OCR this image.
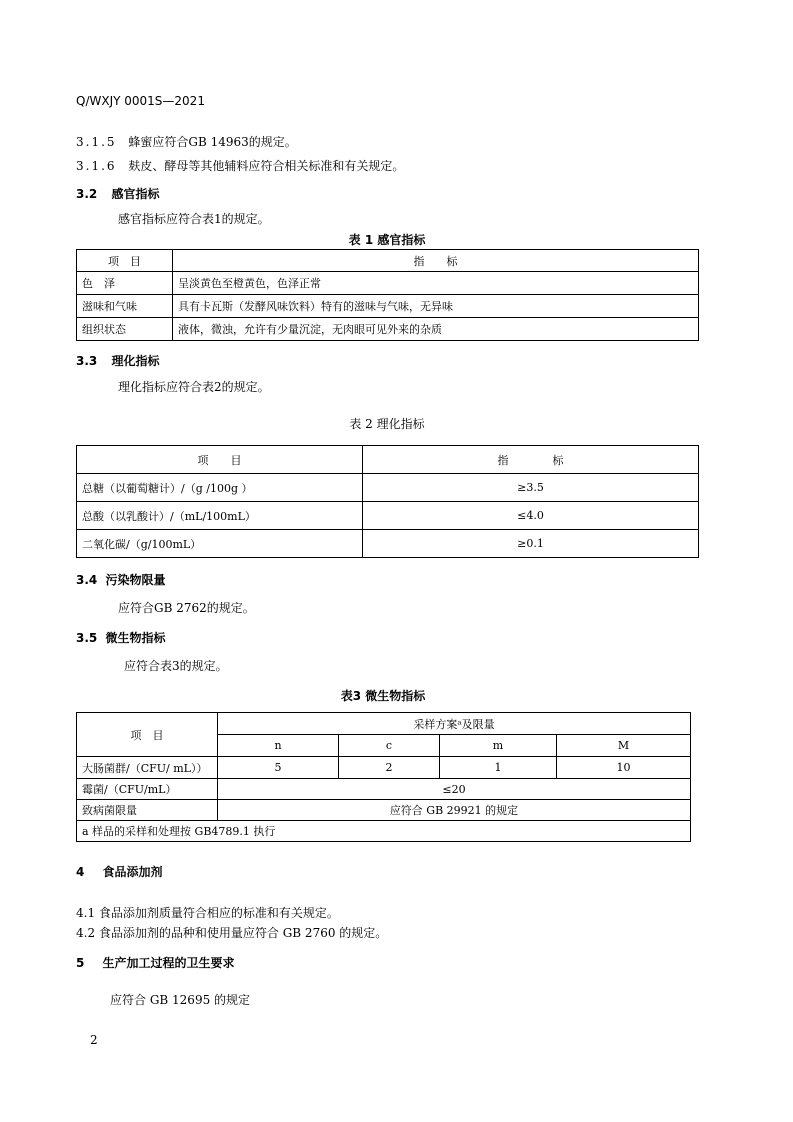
Q/WXJY 0001S—2021
3.1.5 蜂蜜应符合GB 14963的规定。
3.1.6 麸皮、酵母等其他辅料应符合相关标准和有关规定。
3.2 感官指标
感官指标应符合表1的规定。
表 1 感官指标
项　目	指　　标
色　泽	呈淡黄色至橙黄色，色泽正常
滋味和气味	具有卡瓦斯（发酵风味饮料）特有的滋味与气味，无异味
组织状态	液体，微浊，允许有少量沉淀，无肉眼可见外来的杂质
3.3 理化指标
理化指标应符合表2的规定。
表 2 理化指标
项　　目	指　　　　标
总糖（以葡萄糖计）/（g /100g ）	≥3.5
总酸（以乳酸计）/（mL/100mL）	≤4.0
二氧化碳/（g/100mL）	≥0.1
3.4 污染物限量
应符合GB 2762的规定。
3.5 微生物指标
应符合表3的规定。
表3 微生物指标
项　目	采样方案ᵃ及限量			
	n	c	m	M
大肠菌群/（CFU/ mL））	5	2	1	10
霉菌/（CFU/mL）	≤20			
致病菌限量	应符合 GB 29921 的规定			
a 样品的采样和处理按 GB4789.1 执行				
4 食品添加剂
4.1 食品添加剂质量符合相应的标准和有关规定。
4.2 食品添加剂的品种和使用量应符合 GB 2760 的规定。
5 生产加工过程的卫生要求
应符合 GB 12695 的规定
2
